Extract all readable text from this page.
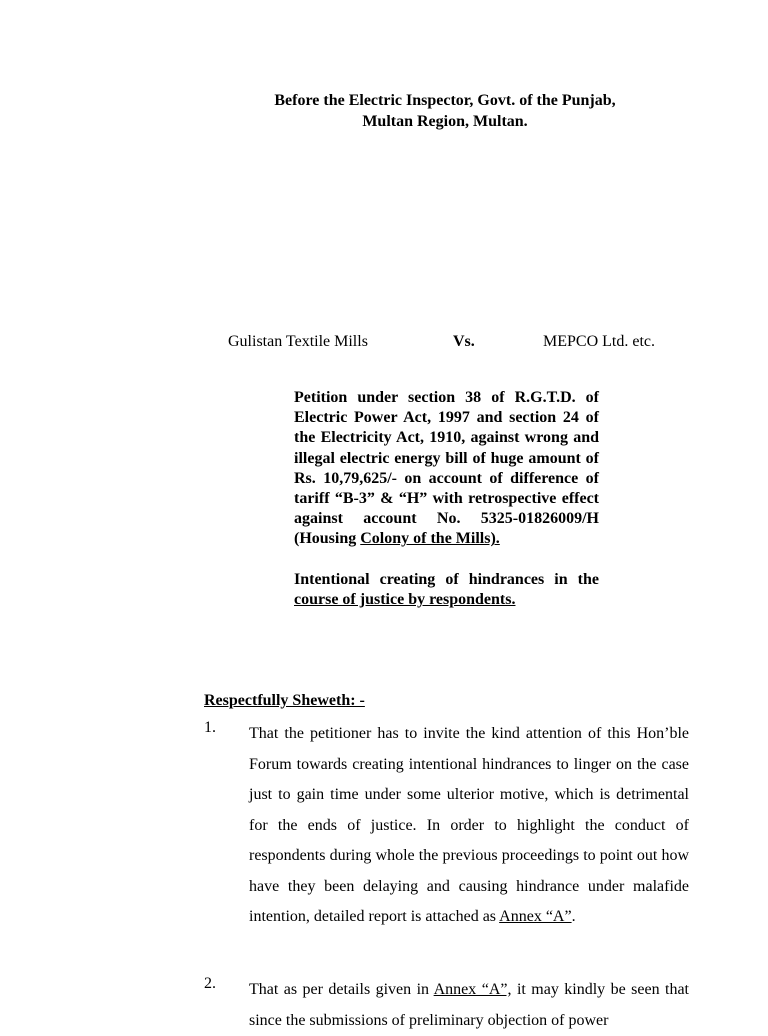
Before the Electric Inspector, Govt. of the Punjab,
Multan Region, Multan.
Gulistan Textile Mills	Vs.	MEPCO Ltd. etc.

Petition under section 38 of R.G.T.D. of Electric Power Act, 1997 and section 24 of the Electricity Act, 1910, against wrong and illegal electric energy bill of huge amount of Rs. 10,79,625/- on account of difference of tariff “B-3” & “H” with retrospective effect against account No. 5325-01826009/H (Housing Colony of the Mills).

Intentional creating of hindrances in the course of justice by respondents.

Respectfully Sheweth: -
1. That the petitioner has to invite the kind attention of this Hon’ble Forum towards creating intentional hindrances to linger on the case just to gain time under some ulterior motive, which is detrimental for the ends of justice. In order to highlight the conduct of respondents during whole the previous proceedings to point out how have they been delaying and causing hindrance under malafide intention, detailed report is attached as Annex “A”.
2. That as per details given in Annex “A”, it may kindly be seen that since the submissions of preliminary objection of power
